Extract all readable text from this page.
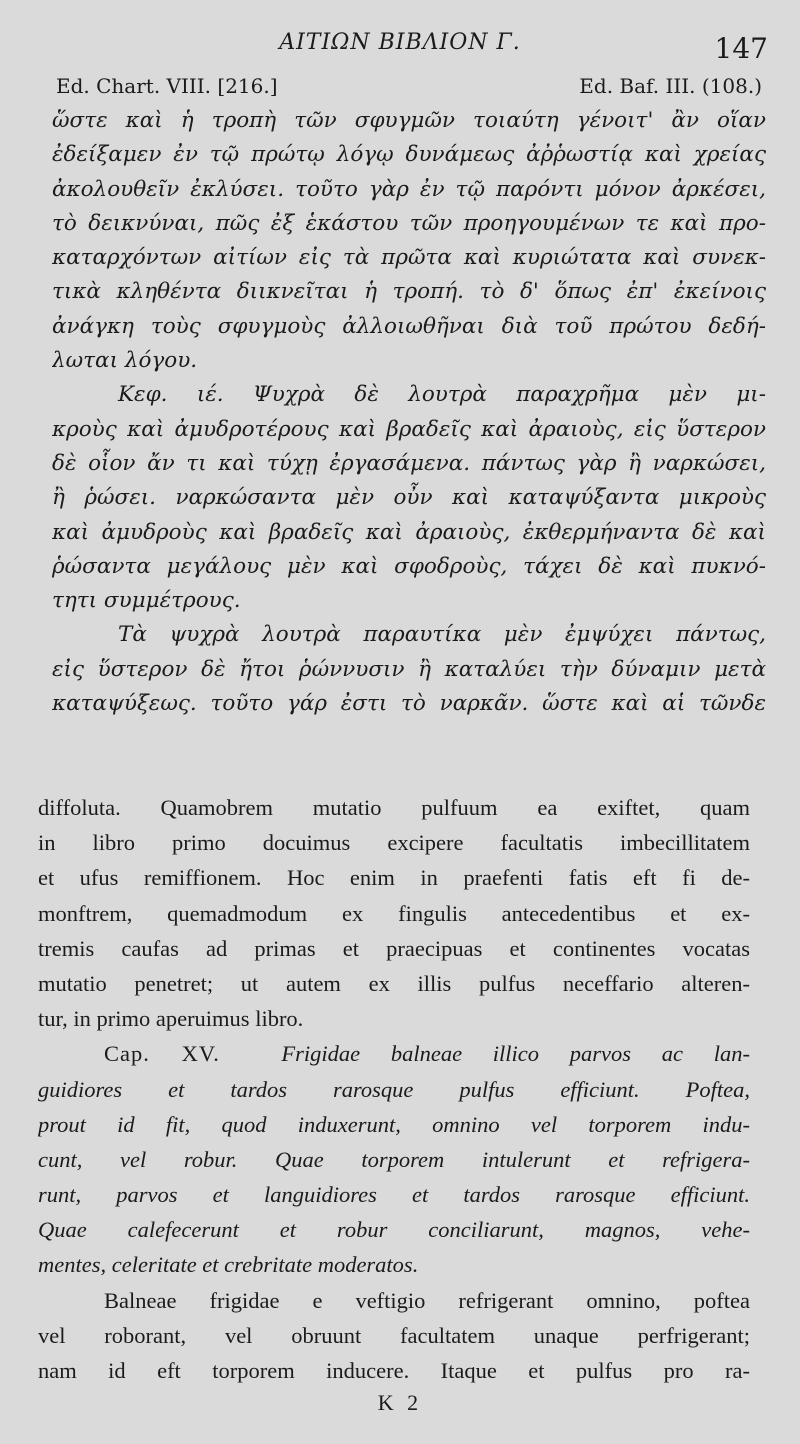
ΑΙΤΙΩΝ ΒΙΒΛΙΟΝ Γ.	147
Ed. Chart. VIII. [216.]	Ed. Baf. III. (108.)
ὥστε καὶ ἡ τροπὴ τῶν σφυγμῶν τοιαύτη γένοιτ' ἂν οἵαν
ἐδείξαμεν ἐν τῷ πρώτῳ λόγῳ δυνάμεως ἀῤῥωστίᾳ καὶ χρείας
ἀκολουθεῖν ἐκλύσει. τοῦτο γὰρ ἐν τῷ παρόντι μόνον ἀρκέσει,
τὸ δεικνύναι, πῶς ἐξ ἑκάστου τῶν προηγουμένων τε καὶ προ-
καταρχόντων αἰτίων εἰς τὰ πρῶτα καὶ κυριώτατα καὶ συνεκ-
τικὰ κληθέντα διικνεῖται ἡ τροπή. τὸ δ' ὅπως ἐπ' ἐκείνοις
ἀνάγκη τοὺς σφυγμοὺς ἀλλοιωθῆναι διὰ τοῦ πρώτου δεδή-
λωται λόγου.
Κεφ. ιέ. Ψυχρὰ δὲ λουτρὰ παραχρῆμα μὲν μι-
κροὺς καὶ ἀμυδροτέρους καὶ βραδεῖς καὶ ἀραιοὺς, εἰς ὕστερον
δὲ οἷον ἄν τι καὶ τύχῃ ἐργασάμενα. πάντως γὰρ ἢ ναρκώσει,
ἢ ῥώσει. ναρκώσαντα μὲν οὖν καὶ καταψύξαντα μικροὺς
καὶ ἀμυδροὺς καὶ βραδεῖς καὶ ἀραιοὺς, ἐκθερμήναντα δὲ καὶ
ῥώσαντα μεγάλους μὲν καὶ σφοδροὺς, τάχει δὲ καὶ πυκνό-
τητι συμμέτρους.
Τὰ ψυχρὰ λουτρὰ παραυτίκα μὲν ἐμψύχει πάντως,
εἰς ὕστερον δὲ ἤτοι ῥώννυσιν ἢ καταλύει τὴν δύναμιν μετὰ
καταψύξεως. τοῦτο γάρ ἐστι τὸ ναρκᾶν. ὥστε καὶ αἱ τῶνδε
diffoluta. Quamobrem mutatio pulfuum ea exiftet, quam
in libro primo docuimus excipere facultatis imbecillitatem
et ufus remiffionem. Hoc enim in praefenti fatis eft fi de-
monftrem, quemadmodum ex fingulis antecedentibus et ex-
tremis caufas ad primas et praecipuas et continentes vocatas
mutatio penetret; ut autem ex illis pulfus neceffario alteren-
tur, in primo aperuimus libro.
Cap. XV.	Frigidae balneae illico parvos ac lan-
guidiores et tardos rarosque pulfus efficiunt. Poftea,
prout id fit, quod induxerunt, omnino vel torporem indu-
cunt, vel robur. Quae torporem intulerunt et refrigera-
runt, parvos et languidiores et tardos rarosque efficiunt.
Quae calefecerunt et robur conciliarunt, magnos, vehe-
mentes, celeritate et crebritate moderatos.
Balneae frigidae e veftigio refrigerant omnino, poftea
vel roborant, vel obruunt facultatem unaque perfrigerant;
nam id eft torporem inducere. Itaque et pulfus pro ra-
K 2
